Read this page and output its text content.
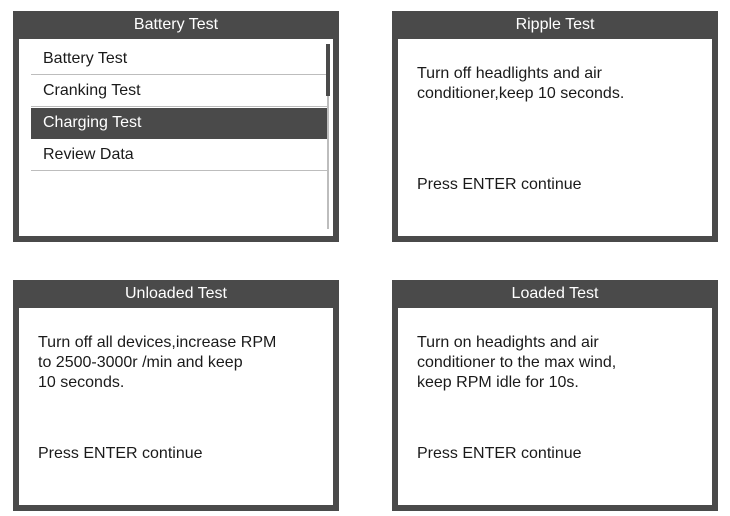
Battery Test
Battery Test
Cranking Test
Charging Test
Review Data
Ripple Test
Turn off headlights and air
conditioner,keep 10 seconds.
Press ENTER continue
Unloaded Test
Turn off all devices,increase RPM
to 2500-3000r /min and keep
10 seconds.
Press ENTER continue
Loaded Test
Turn on headights and air
conditioner to the max wind,
keep RPM idle for 10s.
Press ENTER continue
